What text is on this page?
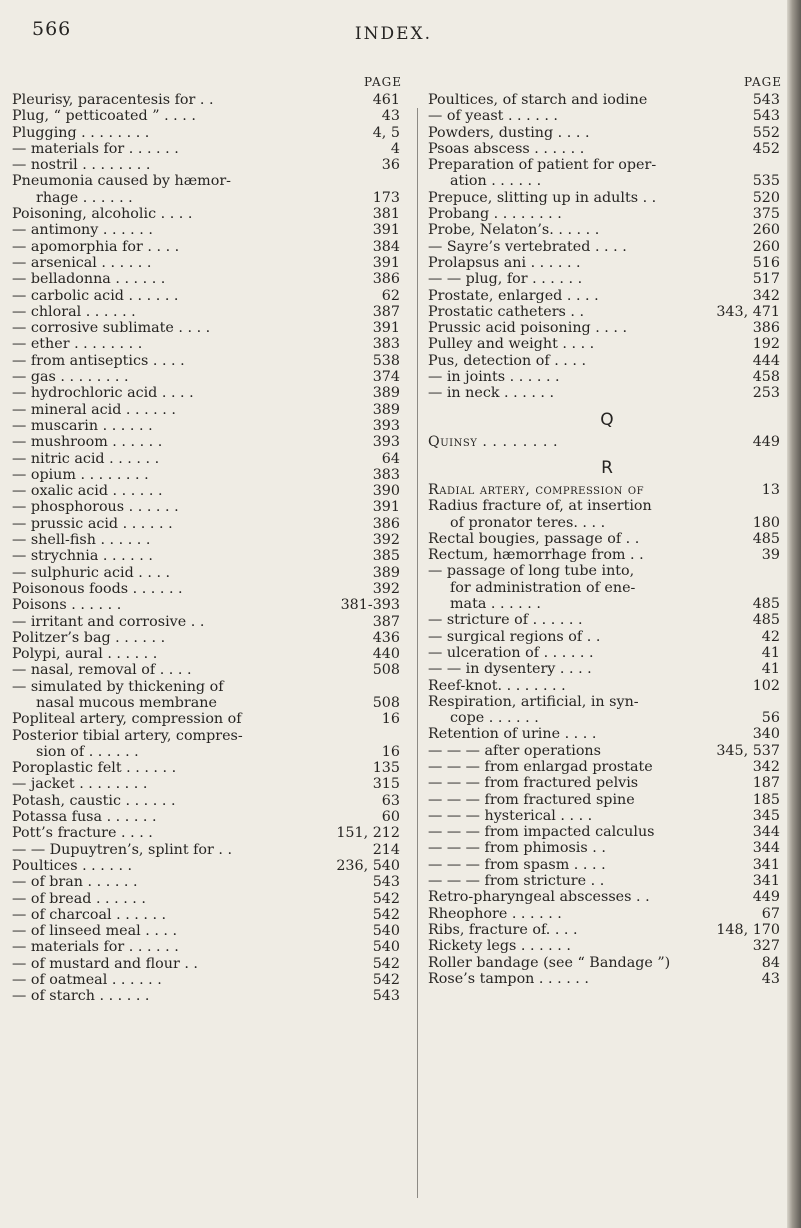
566	INDEX.
PAGE
Pleurisy, paracentesis for . .	461
Plug, “ petticoated ” . . . .	43
Plugging . . . . . . . .	4, 5
— materials for . . . . . .	4
— nostril . . . . . . . .	36
Pneumonia caused by hæmor-
rhage . . . . . .	173
Poisoning, alcoholic . . . .	381
— antimony . . . . . .	391
— apomorphia for . . . .	384
— arsenical . . . . . .	391
— belladonna . . . . . .	386
— carbolic acid . . . . . .	62
— chloral . . . . . .	387
— corrosive sublimate . . . .	391
— ether . . . . . . . .	383
— from antiseptics . . . .	538
— gas . . . . . . . .	374
— hydrochloric acid . . . .	389
— mineral acid . . . . . .	389
— muscarin . . . . . .	393
— mushroom . . . . . .	393
— nitric acid . . . . . .	64
— opium . . . . . . . .	383
— oxalic acid . . . . . .	390
— phosphorous . . . . . .	391
— prussic acid . . . . . .	386
— shell-fish . . . . . .	392
— strychnia . . . . . .	385
— sulphuric acid . . . .	389
Poisonous foods . . . . . .	392
Poisons . . . . . .	381-393
— irritant and corrosive . .	387
Politzer’s bag . . . . . .	436
Polypi, aural . . . . . .	440
— nasal, removal of . . . .	508
— simulated by thickening of
nasal mucous membrane	508
Popliteal artery, compression of	16
Posterior tibial artery, compres-
sion of . . . . . .	16
Poroplastic felt . . . . . .	135
— jacket . . . . . . . .	315
Potash, caustic . . . . . .	63
Potassa fusa . . . . . .	60
Pott’s fracture . . . .	151, 212
— — Dupuytren’s, splint for . .	214
Poultices . . . . . .	236, 540
— of bran . . . . . .	543
— of bread . . . . . .	542
— of charcoal . . . . . .	542
— of linseed meal . . . .	540
— materials for . . . . . .	540
— of mustard and flour . .	542
— of oatmeal . . . . . .	542
— of starch . . . . . .	543
PAGE
Poultices, of starch and iodine	543
— of yeast . . . . . .	543
Powders, dusting . . . .	552
Psoas abscess . . . . . .	452
Preparation of patient for oper-
ation . . . . . .	535
Prepuce, slitting up in adults . .	520
Probang . . . . . . . .	375
Probe, Nelaton’s. . . . . .	260
— Sayre’s vertebrated . . . .	260
Prolapsus ani . . . . . .	516
— — plug, for . . . . . .	517
Prostate, enlarged . . . .	342
Prostatic catheters . .	343, 471
Prussic acid poisoning . . . .	386
Pulley and weight . . . .	192
Pus, detection of . . . .	444
— in joints . . . . . .	458
— in neck . . . . . .	253
Q
Quinsy . . . . . . . .	449
R
Radial artery, compression of	13
Radius fracture of, at insertion
of pronator teres. . . .	180
Rectal bougies, passage of . .	485
Rectum, hæmorrhage from . .	39
— passage of long tube into,
for administration of ene-
mata . . . . . .	485
— stricture of . . . . . .	485
— surgical regions of . .	42
— ulceration of . . . . . .	41
— — in dysentery . . . .	41
Reef-knot. . . . . . . .	102
Respiration, artificial, in syn-
cope . . . . . .	56
Retention of urine . . . .	340
— — — after operations	345, 537
— — — from enlargad prostate	342
— — — from fractured pelvis	187
— — — from fractured spine	185
— — — hysterical . . . .	345
— — — from impacted calculus	344
— — — from phimosis . .	344
— — — from spasm . . . .	341
— — — from stricture . .	341
Retro-pharyngeal abscesses . .	449
Rheophore . . . . . .	67
Ribs, fracture of. . . .	148, 170
Rickety legs . . . . . .	327
Roller bandage (see “ Bandage ”)	84
Rose’s tampon . . . . . .	43
